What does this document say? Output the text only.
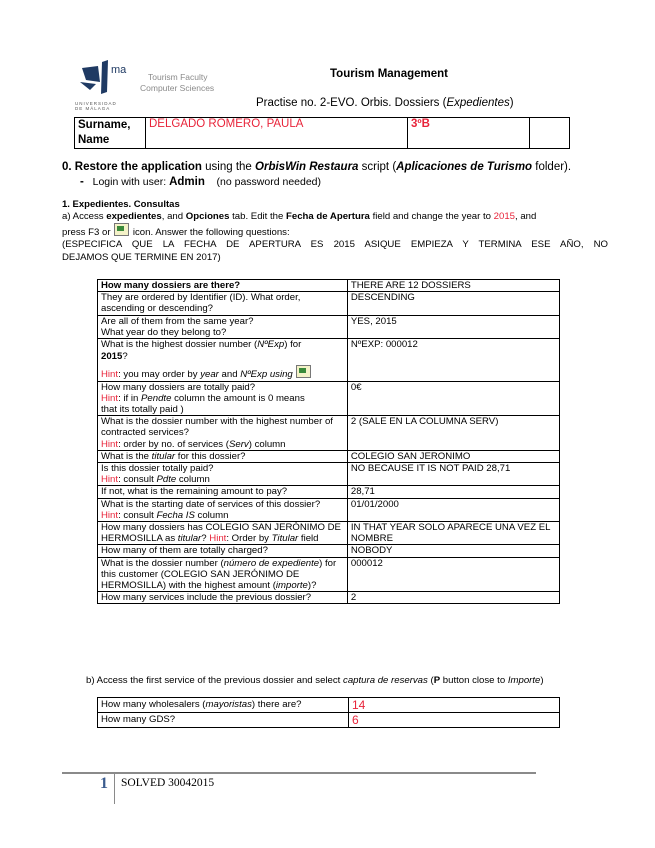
ma
UNIVERSIDAD
DE MÁLAGA
Tourism Faculty
Computer Sciences
Tourism Management
Practise no. 2-EVO. Orbis. Dossiers (Expedientes)
Surname, Name	DELGADO ROMERO, PAULA	3ºB	
0. Restore the application using the OrbisWin Restaura script (Aplicaciones de Turismo folder).
- Login with user: Admin (no password needed)
1. Expedientes. Consultas
a) Access expedientes, and Opciones tab. Edit the Fecha de Apertura field and change the year to 2015, and
press F3 or  icon. Answer the following questions:
(ESPECIFICA QUE LA FECHA DE APERTURA ES 2015 ASIQUE EMPIEZA Y TERMINA ESE AÑO, NO
DEJAMOS QUE TERMINE EN 2017)
How many dossiers are there?	THERE ARE 12 DOSSIERS
They are ordered by Identifier (ID). What order, ascending or descending?	DESCENDING

Are all of them from the same year?
What year do they belong to?	YES, 2015

What is the highest dossier number (NºExp) for
2015?
Hint: you may order by year and NºExp using	NºEXP: 000012

How many dossiers are totally paid?
Hint: if in Pendte column the amount is 0 means
that its totally paid )	0€

What is the dossier number with the highest number of contracted services?
Hint: order by no. of services (Serv) column	2 (SALE EN LA COLUMNA SERV)
What is the titular for this dossier?	COLEGIO SAN JERONIMO

Is this dossier totally paid?
Hint: consult Pdte column	NO BECAUSE IT IS NOT PAID 28,71
If not, what is the remaining amount to pay?	28,71

What is the starting date of services of this dossier?
Hint: consult Fecha IS column	01/01/2000
How many dossiers has COLEGIO SAN JERÓNIMO DE HERMOSILLA as titular? Hint: Order by Titular field	IN THAT YEAR SOLO APARECE UNA VEZ EL NOMBRE
How many of them are totally charged?	NOBODY
What is the dossier number (número de expediente) for this customer (COLEGIO SAN JERÓNIMO DE HERMOSILLA) with the highest amount (importe)?	000012
How many services include the previous dossier?	2
b) Access the first service of the previous dossier and select captura de reservas (P button close to Importe)
How many wholesalers (mayoristas) there are?	14
How many GDS?	6
1 SOLVED 30042015
